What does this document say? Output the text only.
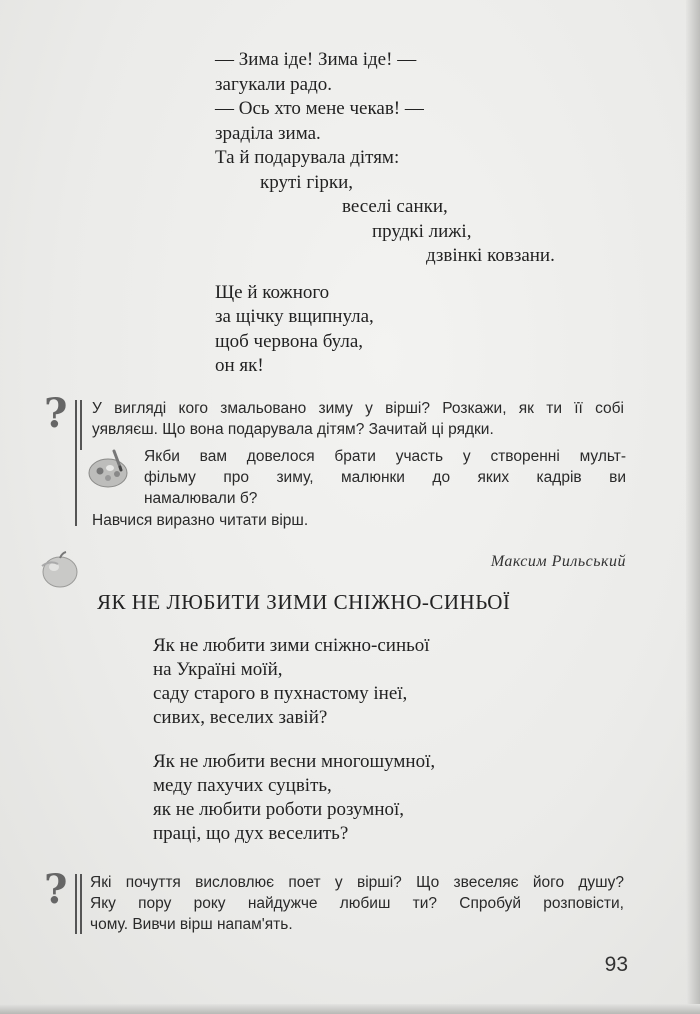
— Зима іде! Зима іде! —
загукали радо.
— Ось хто мене чекав! —
зраділа зима.
Та й подарувала дітям:
круті гірки,
веселі санки,
прудкі лижі,
дзвінкі ковзани.
Ще й кожного
за щічку вщипнула,
щоб червона була,
он як!
? У вигляді кого змальовано зиму у вірші? Розкажи, як ти її собі
уявляєш. Що вона подарувала дітям? Зачитай ці рядки.
Якби вам довелося брати участь у створенні мульт-
фільму про зиму, малюнки до яких кадрів ви
намалювали б?
Навчися виразно читати вірш.
Максим Рильський
ЯК НЕ ЛЮБИТИ ЗИМИ СНІЖНО-СИНЬОЇ
Як не любити зими сніжно-синьої
на Україні моїй,
саду старого в пухнастому інеї,
сивих, веселих завій?
Як не любити весни многошумної,
меду пахучих суцвіть,
як не любити роботи розумної,
праці, що дух веселить?
? Які почуття висловлює поет у вірші? Що звеселяє його душу?
Яку пору року найдужче любиш ти? Спробуй розповісти,
чому. Вивчи вірш напам'ять.
93
